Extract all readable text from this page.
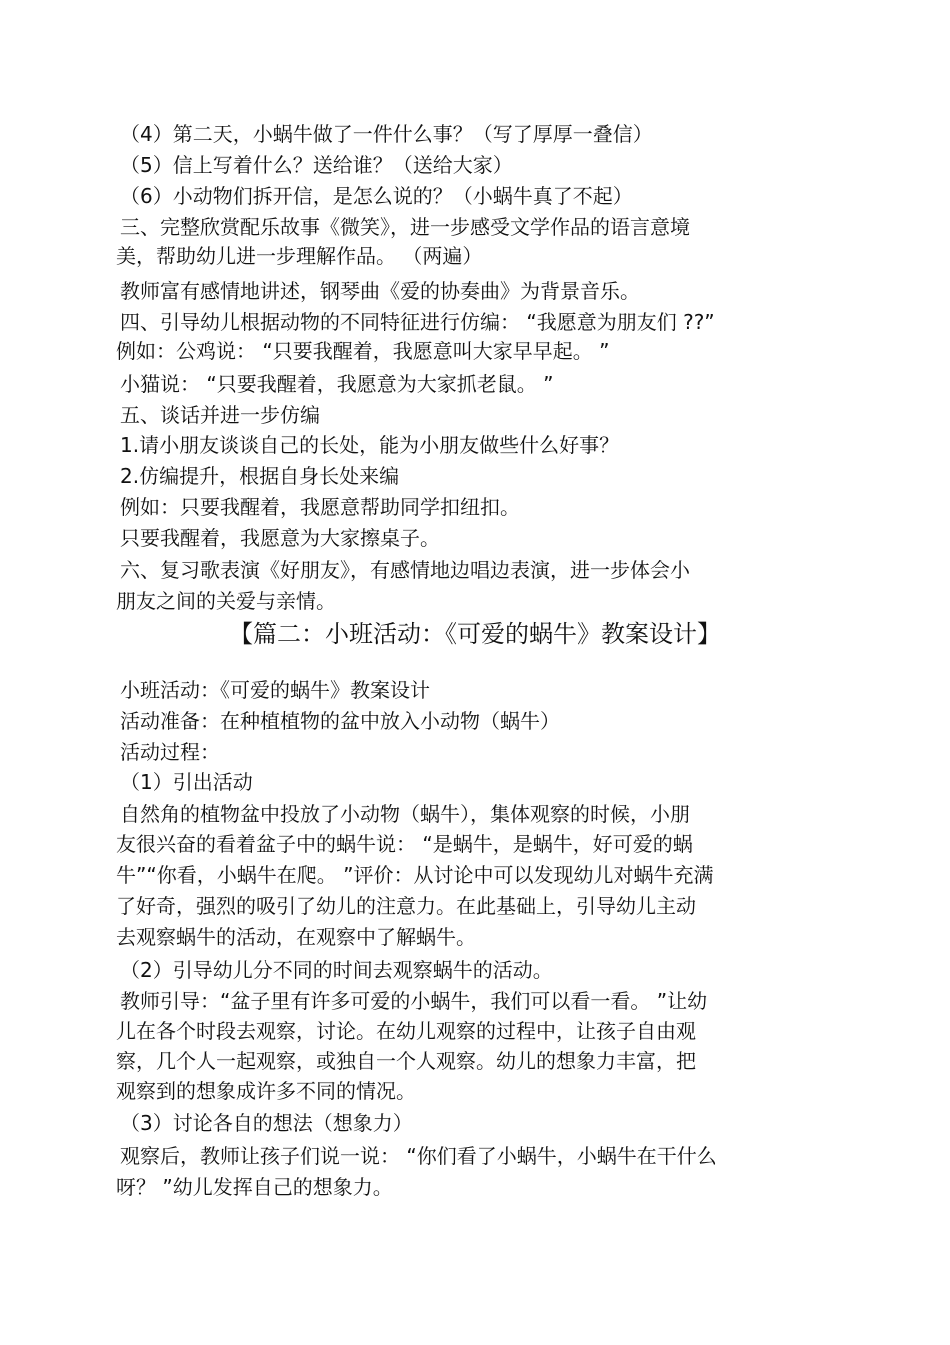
（4）第二天，小蜗牛做了一件什么事？（写了厚厚一叠信）
（5）信上写着什么？送给谁？（送给大家）
（6）小动物们拆开信，是怎么说的？（小蜗牛真了不起）
三、完整欣赏配乐故事《微笑》，进一步感受文学作品的语言意境
美，帮助幼儿进一步理解作品。 （两遍）
教师富有感情地讲述，钢琴曲《爱的协奏曲》为背景音乐。
四、引导幼儿根据动物的不同特征进行仿编： “我愿意为朋友们 ??”
例如：公鸡说： “只要我醒着，我愿意叫大家早早起。 ”
小猫说： “只要我醒着，我愿意为大家抓老鼠。 ”
五、谈话并进一步仿编
1.请小朋友谈谈自己的长处，能为小朋友做些什么好事？
2.仿编提升，根据自身长处来编
例如：只要我醒着，我愿意帮助同学扣纽扣。
只要我醒着，我愿意为大家擦桌子。
六、复习歌表演《好朋友》，有感情地边唱边表演，进一步体会小
朋友之间的关爱与亲情。
【篇二：小班活动：《可爱的蜗牛》教案设计】
小班活动：《可爱的蜗牛》教案设计
活动准备：在种植植物的盆中放入小动物（蜗牛）
活动过程：
（1）引出活动
自然角的植物盆中投放了小动物（蜗牛），集体观察的时候，小朋
友很兴奋的看着盆子中的蜗牛说： “是蜗牛，是蜗牛，好可爱的蜗
牛”“你看，小蜗牛在爬。 ”评价：从讨论中可以发现幼儿对蜗牛充满
了好奇，强烈的吸引了幼儿的注意力。在此基础上，引导幼儿主动
去观察蜗牛的活动，在观察中了解蜗牛。
（2）引导幼儿分不同的时间去观察蜗牛的活动。
教师引导：“盆子里有许多可爱的小蜗牛，我们可以看一看。 ”让幼
儿在各个时段去观察，讨论。在幼儿观察的过程中，让孩子自由观
察，几个人一起观察，或独自一个人观察。幼儿的想象力丰富，把
观察到的想象成许多不同的情况。
（3）讨论各自的想法（想象力）
观察后，教师让孩子们说一说： “你们看了小蜗牛，小蜗牛在干什么
呀？ ”幼儿发挥自己的想象力。
